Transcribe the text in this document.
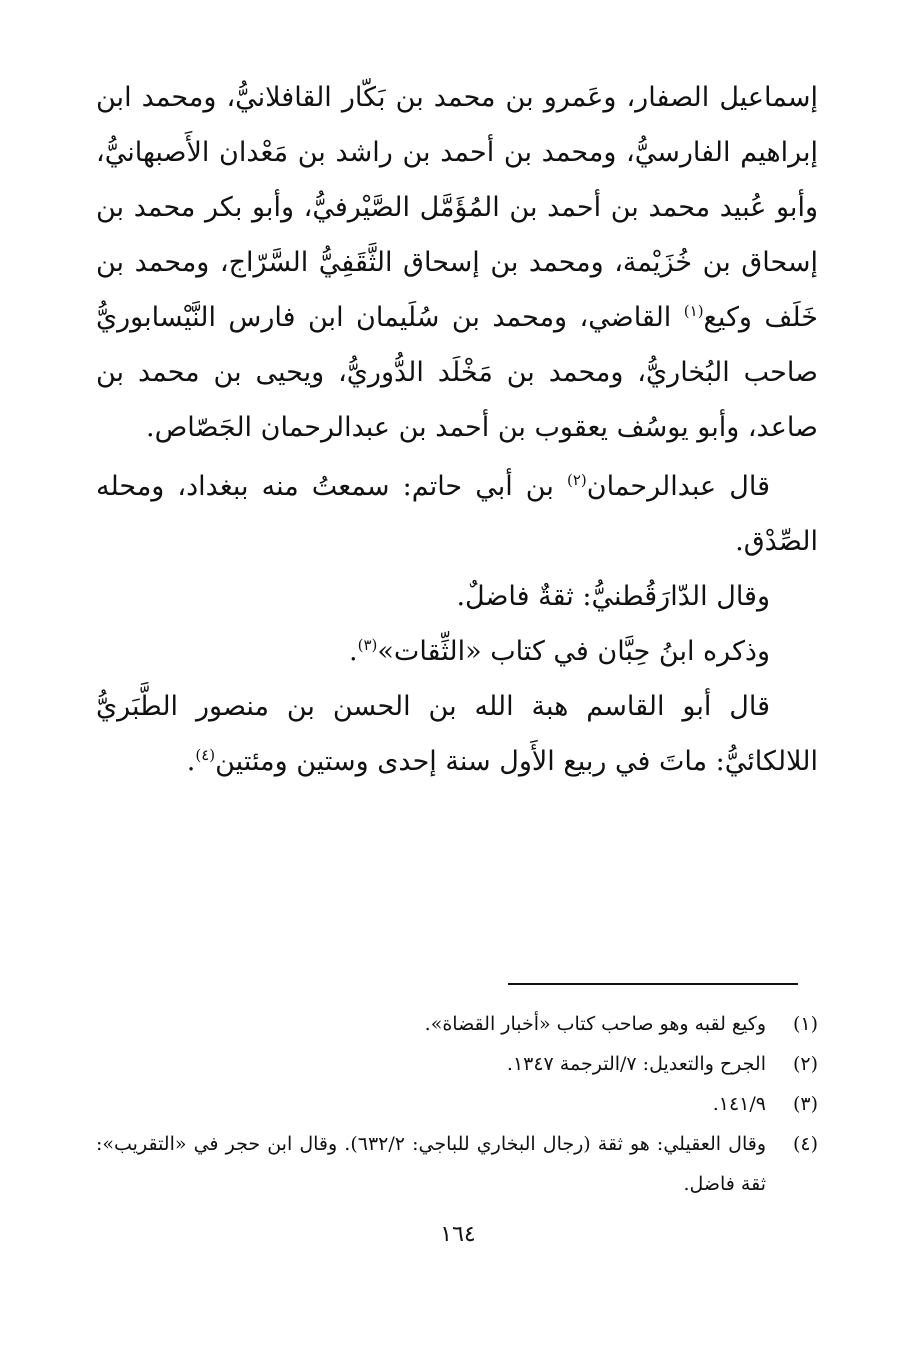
إسماعيل الصفار، وعَمرو بن محمد بن بَكّار القافلانيُّ، ومحمد ابن إبراهيم الفارسيُّ، ومحمد بن أحمد بن راشد بن مَعْدان الأَصبهانيُّ، وأبو عُبيد محمد بن أحمد بن المُؤَمَّل الصَّيْرفيُّ، وأبو بكر محمد بن إسحاق بن خُزَيْمة، ومحمد بن إسحاق الثَّقَفِيُّ السَّرّاج، ومحمد بن خَلَف وكيع$^{(١)}$ القاضي، ومحمد بن سُلَيمان ابن فارس النَّيْسابوريُّ صاحب البُخاريُّ، ومحمد بن مَخْلَد الدُّوريُّ، ويحيى بن محمد بن صاعد، وأبو يوسُف يعقوب بن أحمد بن عبدالرحمان الجَصّاص.

قال عبدالرحمان$^{(٢)}$ بن أبي حاتم: سمعتُ منه ببغداد، ومحله الصِّدْق.

وقال الدّارَقُطنيُّ: ثقةٌ فاضلٌ.

وذكره ابنُ حِبَّان في كتاب «الثِّقات»$^{(٣)}$.

قال أبو القاسم هبة الله بن الحسن بن منصور الطَّبَريُّ اللالكائيُّ: ماتَ في ربيع الأَول سنة إحدى وستين ومئتين$^{(٤)}$.

(١)
وكيع لقبه وهو صاحب كتاب «أخبار القضاة».
(٢)
الجرح والتعديل: ٧/الترجمة ١٣٤٧.
(٣)
١٤١/٩.
(٤)
وقال العقيلي: هو ثقة (رجال البخاري للباجي: ٦٣٢/٢). وقال ابن حجر في «التقريب»: ثقة فاضل.
١٦٤
